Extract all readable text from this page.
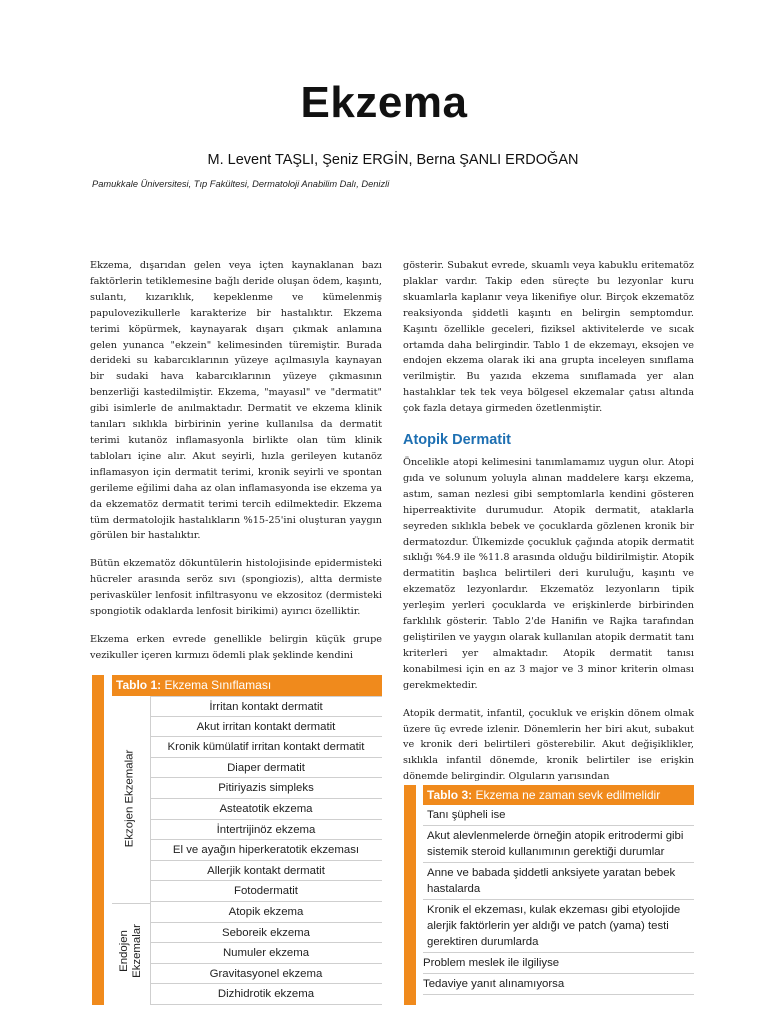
Ekzema
M. Levent TAŞLI, Şeniz ERGİN, Berna ŞANLI ERDOĞAN
Pamukkale Üniversitesi, Tıp Fakültesi, Dermatoloji Anabilim Dalı, Denizli

Ekzema, dışarıdan gelen veya içten kaynaklanan bazı faktörlerin tetiklemesine bağlı deride oluşan ödem, kaşıntı, sulantı, kızarıklık, kepeklenme ve kümelenmiş papulovezikullerle karakterize bir hastalıktır. Ekzema terimi köpürmek, kaynayarak dışarı çıkmak anlamına gelen yunanca "ekzein" kelimesinden türemiştir. Burada derideki su kabarcıklarının yüzeye açılmasıyla kaynayan bir sudaki hava kabarcıklarının yüzeye çıkmasının benzerliği kastedilmiştir. Ekzema, "mayasıl" ve "dermatit" gibi isimlerle de anılmaktadır. Dermatit ve ekzema klinik tanıları sıklıkla birbirinin yerine kullanılsa da dermatit terimi kutanöz inflamasyonla birlikte olan tüm klinik tabloları içine alır. Akut seyirli, hızla gerileyen kutanöz inflamasyon için dermatit terimi, kronik seyirli ve spontan gerileme eğilimi daha az olan inflamasyonda ise ekzema ya da ekzematöz dermatit terimi tercih edilmektedir. Ekzema tüm dermatolojik hastalıkların %15-25'ini oluşturan yaygın görülen bir hastalıktır.

Bütün ekzematöz dökuntülerin histolojisinde epidermisteki hücreler arasında seröz sıvı (spongiozis), altta dermiste perivasküler lenfosit infiltrasyonu ve ekzositoz (dermisteki spongiotik odaklarda lenfosit birikimi) ayırıcı özelliktir.

Ekzema erken evrede genellikle belirgin küçük grupe vezikuller içeren kırmızı ödemli plak şeklinde kendini

gösterir. Subakut evrede, skuamlı veya kabuklu eritematöz plaklar vardır. Takip eden süreçte bu lezyonlar kuru skuamlarla kaplanır veya likenifiye olur. Birçok ekzematöz reaksiyonda şiddetli kaşıntı en belirgin semptomdur. Kaşıntı özellikle geceleri, fiziksel aktivitelerde ve sıcak ortamda daha belirgindir. Tablo 1 de ekzemayı, eksojen ve endojen ekzema olarak iki ana grupta inceleyen sınıflama verilmiştir. Bu yazıda ekzema sınıflamada yer alan hastalıklar tek tek veya bölgesel ekzemalar çatısı altında çok fazla detaya girmeden özetlenmiştir.

Atopik Dermatit

Öncelikle atopi kelimesini tanımlamamız uygun olur. Atopi gıda ve solunum yoluyla alınan maddelere karşı ekzema, astım, saman nezlesi gibi semptomlarla kendini gösteren hiperreaktivite durumudur. Atopik dermatit, ataklarla seyreden sıklıkla bebek ve çocuklarda gözlenen kronik bir dermatozdur. Ülkemizde çocukluk çağında atopik dermatit sıklığı %4.9 ile %11.8 arasında olduğu bildirilmiştir. Atopik dermatitin başlıca belirtileri deri kuruluğu, kaşıntı ve ekzematöz lezyonlardır. Ekzematöz lezyonların tipik yerleşim yerleri çocuklarda ve erişkinlerde birbirinden farklılık gösterir. Tablo 2'de Hanifin ve Rajka tarafından geliştirilen ve yaygın olarak kullanılan atopik dermatit tanı kriterleri yer almaktadır. Atopik dermatit tanısı konabilmesi için en az 3 major ve 3 minor kriterin olması gerekmektedir.

Atopik dermatit, infantil, çocukluk ve erişkin dönem olmak üzere üç evrede izlenir. Dönemlerin her biri akut, subakut ve kronik deri belirtileri gösterebilir. Akut değişiklikler, sıklıkla infantil dönemde, kronik belirtiler ise erişkin dönemde belirgindir. Olguların yarısından

Tablo 1: Ekzema Sınıflaması
Ekzojen Ekzemalar
Endojen
Ekzemalar
İrritan kontakt dermatit
Akut irritan kontakt dermatit
Kronik kümülatif irritan kontakt dermatit
Diaper dermatit
Pitiriyazis simpleks
Asteatotik ekzema
İntertrijinöz ekzema
El ve ayağın hiperkeratotik ekzeması
Allerjik kontakt dermatit
Fotodermatit
Atopik ekzema
Seboreik ekzema
Numuler ekzema
Gravitasyonel ekzema
Dizhidrotik ekzema
Tablo 3: Ekzema ne zaman sevk edilmelidir
Tanı şüpheli ise
Akut alevlenmelerde örneğin atopik eritrodermi gibi sistemik steroid kullanımının gerektiği durumlar
Anne ve babada şiddetli anksiyete yaratan bebek hastalarda
Kronik el ekzeması, kulak ekzeması gibi etyolojide alerjik faktörlerin yer aldığı ve patch (yama) testi gerektiren durumlarda
Problem meslek ile ilgiliyse
Tedaviye yanıt alınamıyorsa
